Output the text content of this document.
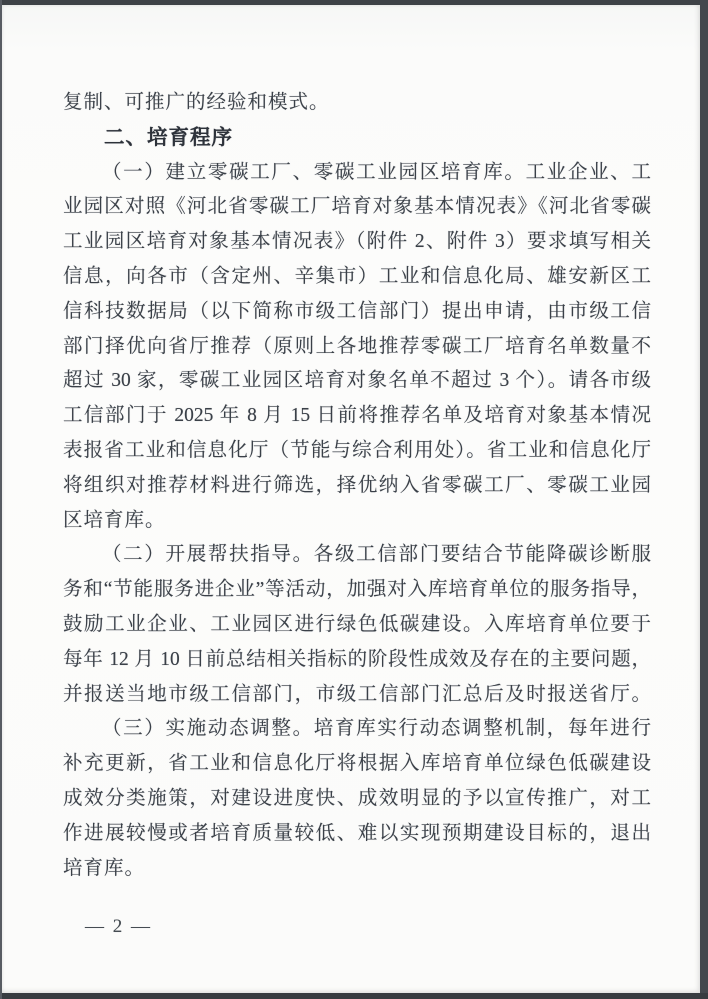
复制、可推广的经验和模式。
二、培育程序
（一）建立零碳工厂、零碳工业园区培育库。工业企业、工
业园区对照《河北省零碳工厂培育对象基本情况表》《河北省零碳
工业园区培育对象基本情况表》（附件 2、附件 3）要求填写相关
信息，向各市（含定州、辛集市）工业和信息化局、雄安新区工
信科技数据局（以下简称市级工信部门）提出申请，由市级工信
部门择优向省厅推荐（原则上各地推荐零碳工厂培育名单数量不
超过 30 家，零碳工业园区培育对象名单不超过 3 个）。请各市级
工信部门于 2025 年 8 月 15 日前将推荐名单及培育对象基本情况
表报省工业和信息化厅（节能与综合利用处）。省工业和信息化厅
将组织对推荐材料进行筛选，择优纳入省零碳工厂、零碳工业园
区培育库。
（二）开展帮扶指导。各级工信部门要结合节能降碳诊断服
务和“节能服务进企业”等活动，加强对入库培育单位的服务指导，
鼓励工业企业、工业园区进行绿色低碳建设。入库培育单位要于
每年 12 月 10 日前总结相关指标的阶段性成效及存在的主要问题，
并报送当地市级工信部门，市级工信部门汇总后及时报送省厅。
（三）实施动态调整。培育库实行动态调整机制，每年进行
补充更新，省工业和信息化厅将根据入库培育单位绿色低碳建设
成效分类施策，对建设进度快、成效明显的予以宣传推广，对工
作进展较慢或者培育质量较低、难以实现预期建设目标的，退出
培育库。
— 2 —
